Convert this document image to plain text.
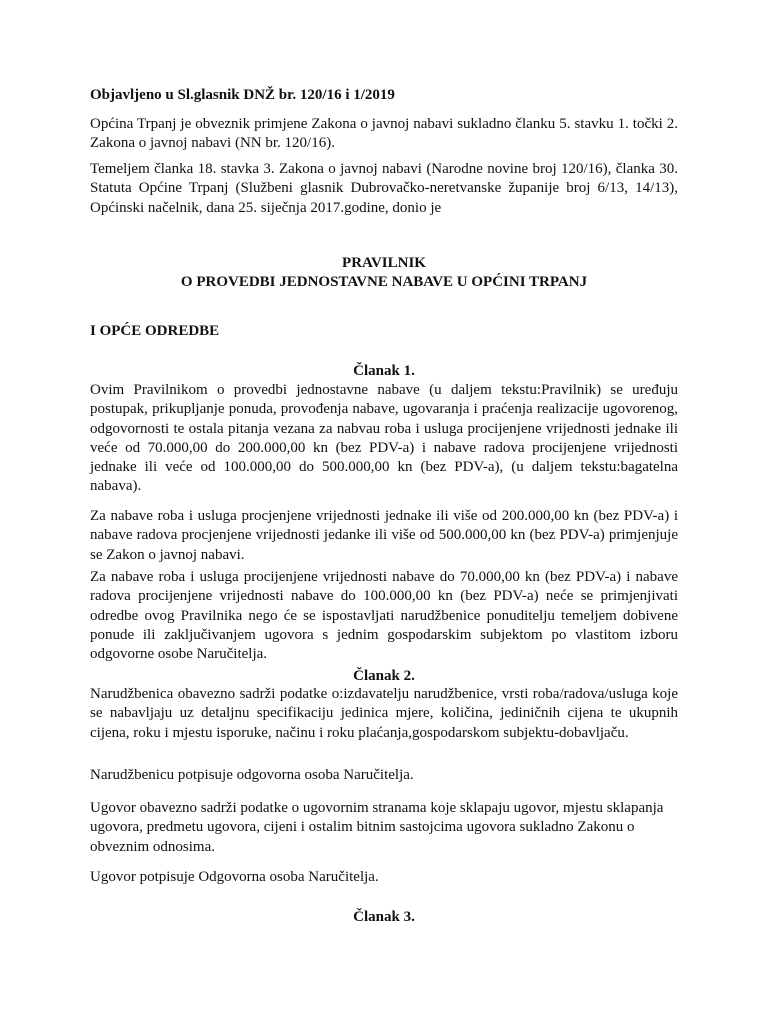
Objavljeno u Sl.glasnik DNŽ br. 120/16 i 1/2019

Općina Trpanj je obveznik primjene Zakona o javnoj nabavi sukladno članku 5. stavku 1. točki 2. Zakona o javnoj nabavi (NN br. 120/16).

Temeljem članka 18. stavka 3. Zakona o javnoj nabavi (Narodne novine broj 120/16), članka 30. Statuta Općine Trpanj (Službeni glasnik Dubrovačko-neretvanske županije broj 6/13, 14/13), Općinski načelnik, dana 25. siječnja 2017.godine, donio je

PRAVILNIK
O PROVEDBI JEDNOSTAVNE NABAVE U OPĆINI TRPANJ

I OPĆE ODREDBE

Članak 1.

Ovim Pravilnikom o provedbi jednostavne nabave (u daljem tekstu:Pravilnik) se uređuju postupak, prikupljanje ponuda, provođenja nabave, ugovaranja i praćenja realizacije ugovorenog, odgovornosti te ostala pitanja vezana za nabvau roba i usluga procijenjene vrijednosti jednake ili veće od 70.000,00 do 200.000,00 kn (bez PDV-a) i nabave radova procijenjene vrijednosti jednake ili veće od 100.000,00 do 500.000,00 kn (bez PDV-a), (u daljem tekstu:bagatelna nabava).

Za nabave roba i usluga procjenjene vrijednosti jednake ili više od 200.000,00 kn (bez PDV-a) i nabave radova procjenjene vrijednosti jedanke ili više od 500.000,00 kn (bez PDV-a) primjenjuje se Zakon o javnoj nabavi.

Za nabave roba i usluga procijenjene vrijednosti nabave do 70.000,00 kn (bez PDV-a) i nabave radova procijenjene vrijednosti nabave do 100.000,00 kn (bez PDV-a) neće se primjenjivati odredbe ovog Pravilnika nego će se ispostavljati narudžbenice ponuditelju temeljem dobivene ponude ili zaključivanjem ugovora s jednim gospodarskim subjektom po vlastitom izboru odgovorne osobe Naručitelja.

Članak 2.

Narudžbenica obavezno sadrži podatke o:izdavatelju narudžbenice, vrsti roba/radova/usluga koje se nabavljaju uz detaljnu specifikaciju jedinica mjere, količina, jediničnih cijena te ukupnih cijena, roku i mjestu isporuke, načinu i roku plaćanja,gospodarskom subjektu-dobavljaču.

Narudžbenicu potpisuje odgovorna osoba Naručitelja.

Ugovor obavezno sadrži podatke o ugovornim stranama koje sklapaju ugovor, mjestu sklapanja ugovora, predmetu ugovora, cijeni i ostalim bitnim sastojcima ugovora sukladno Zakonu o obveznim odnosima.

Ugovor potpisuje Odgovorna osoba Naručitelja.

Članak 3.
